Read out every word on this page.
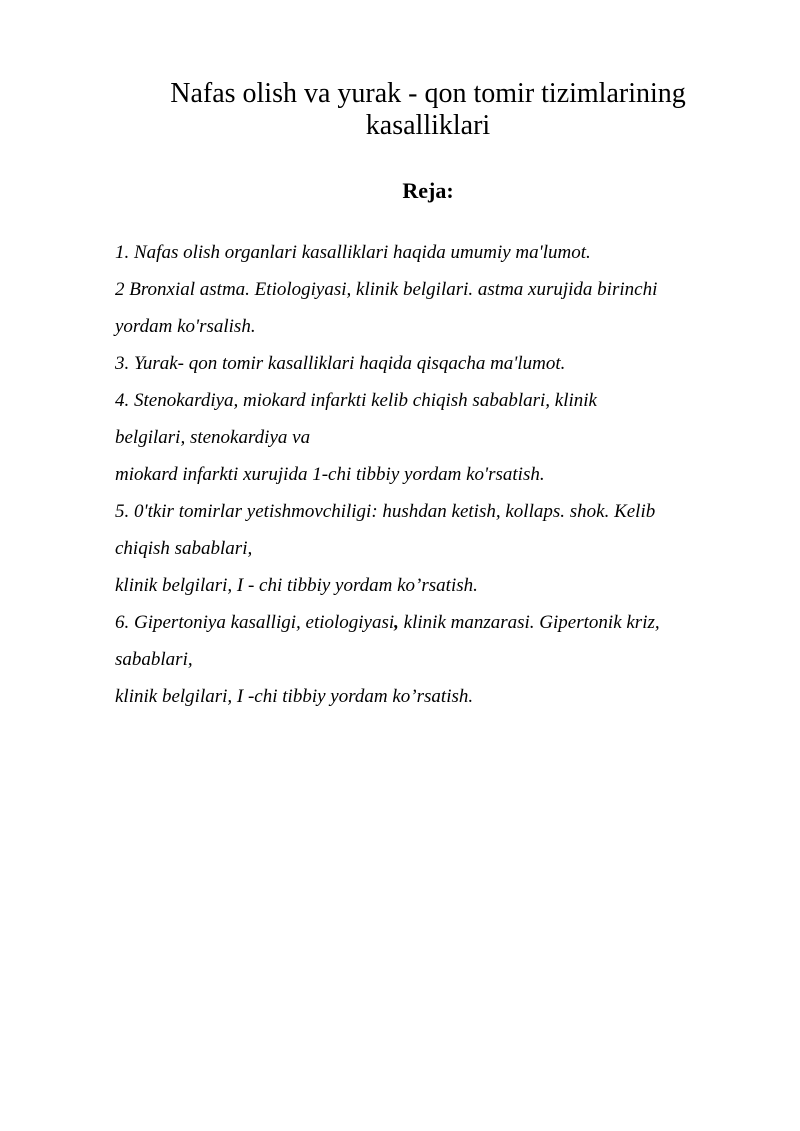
Nafas olish va yurak - qon tomir tizimlarining
kasalliklari
Reja:
1. Nafas olish organlari kasalliklari haqida umumiy ma'lumot.
2 Bronxial astma. Etiologiyasi, klinik belgilari. astma xurujida birinchi
yordam ko'rsalish.
3. Yurak- qon tomir kasalliklari haqida qisqacha ma'lumot.
4. Stenokardiya, miokard infarkti kelib chiqish sabablari, klinik
belgilari, stenokardiya va
miokard infarkti xurujida 1-chi tibbiy yordam ko'rsatish.
5. 0'tkir tomirlar yetishmovchiligi: hushdan ketish, kollaps. shok. Kelib
chiqish sabablari,
klinik belgilari, I - chi tibbiy yordam ko’rsatish.
6. Gipertoniya kasalligi, etiologiyasi, klinik manzarasi. Gipertonik kriz,
sabablari,
klinik belgilari, I -chi tibbiy yordam ko’rsatish.
